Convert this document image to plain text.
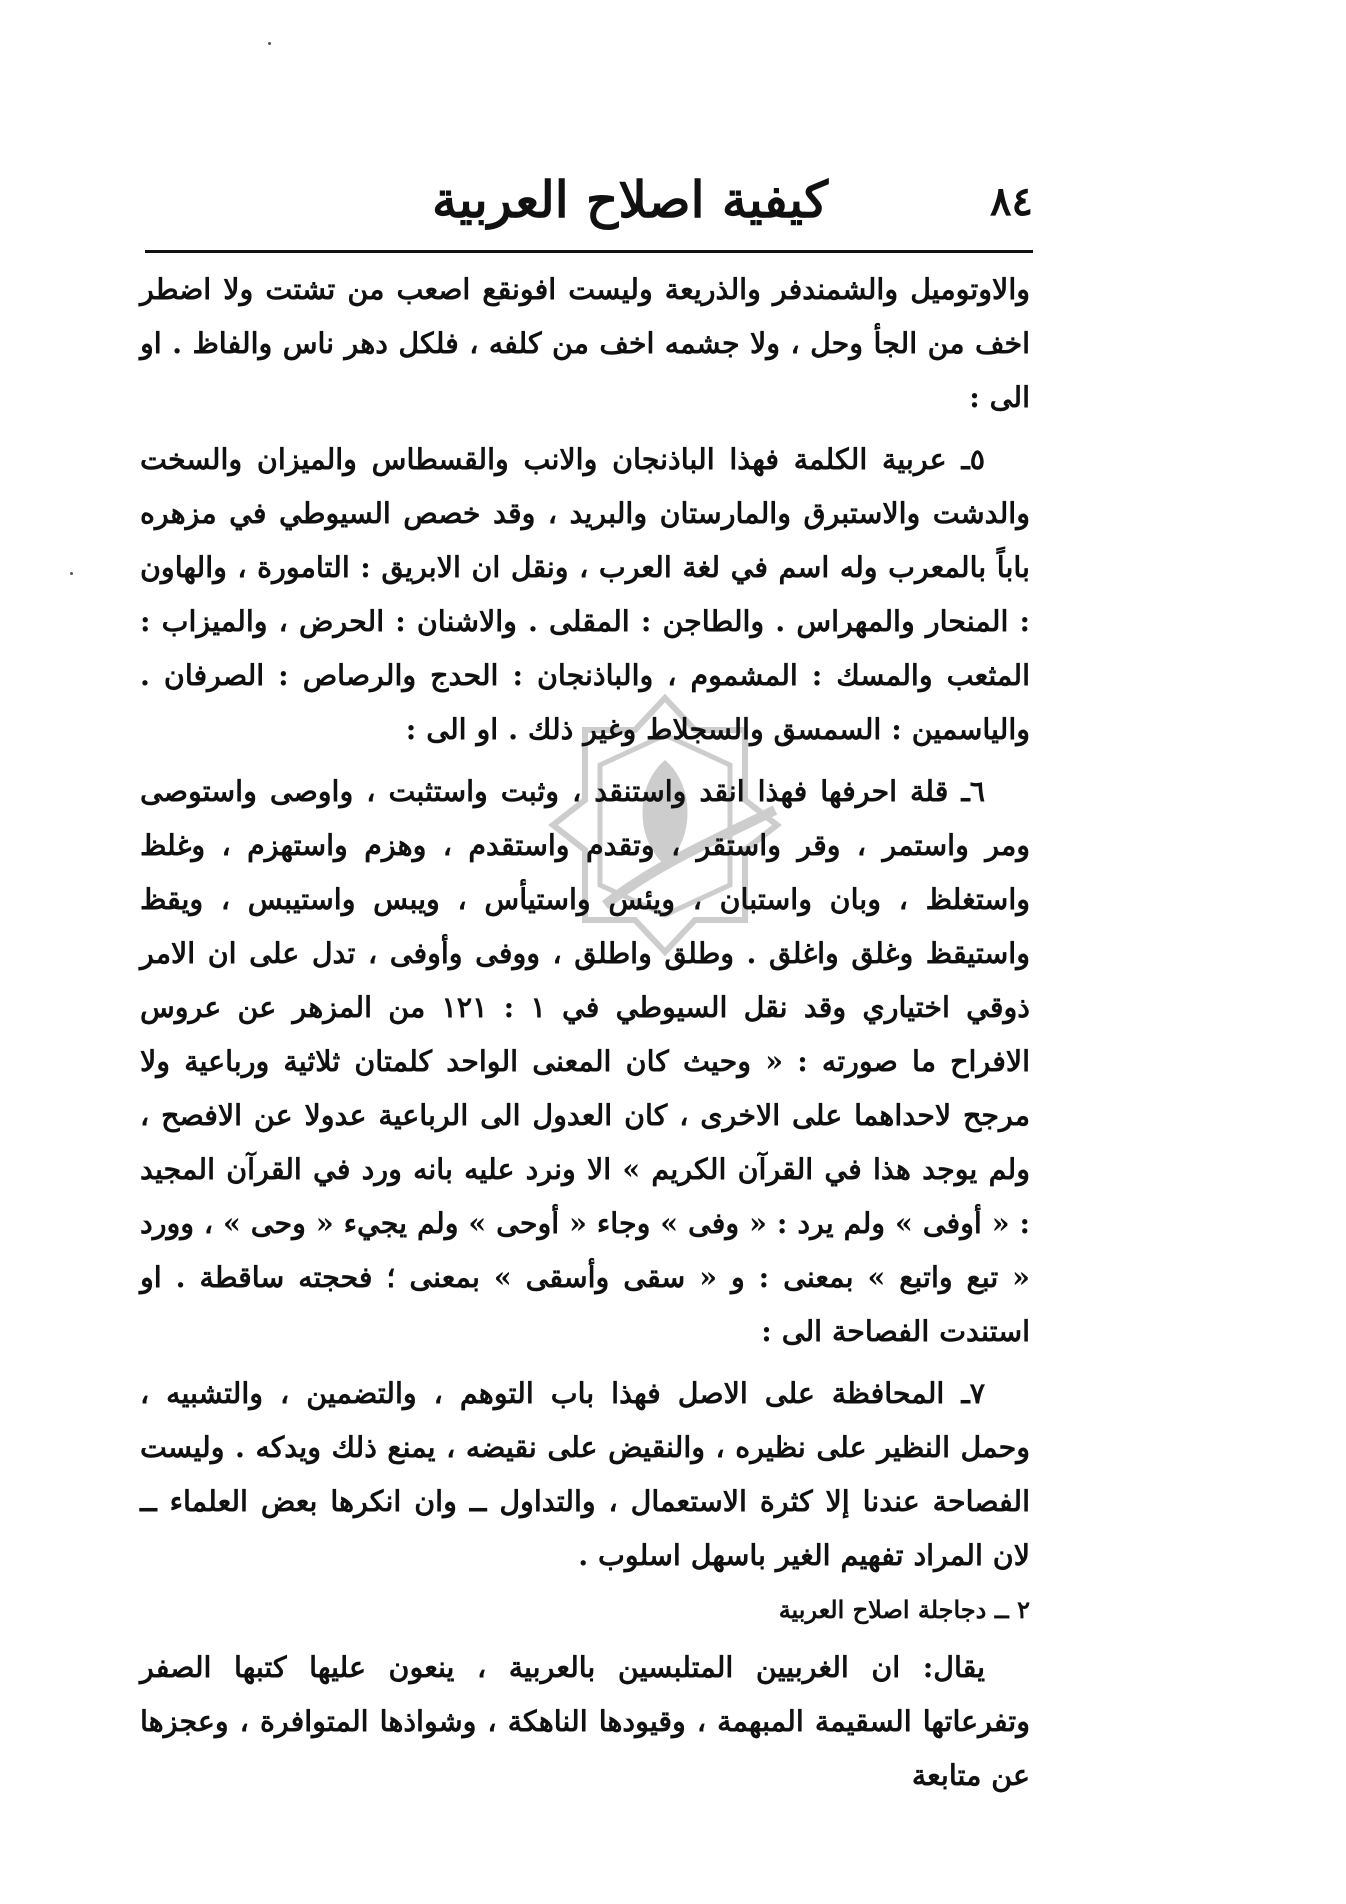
٨٤
كيفية اصلاح العربية

والاوتوميل والشمندفر والذريعة وليست افونقع اصعب من تشتت ولا اضطر اخف من الجأ وحل ، ولا جشمه اخف من كلفه ، فلكل دهر ناس والفاظ . او الى :

٥ـ عربية الكلمة فهذا الباذنجان والانب والقسطاس والميزان والسخت والدشت والاستبرق والمارستان والبريد ، وقد خصص السيوطي في مزهره باباً بالمعرب وله اسم في لغة العرب ، ونقل ان الابريق : التامورة ، والهاون : المنحار والمهراس . والطاجن : المقلى . والاشنان : الحرض ، والميزاب : المثعب والمسك : المشموم ، والباذنجان : الحدج والرصاص : الصرفان . والياسمين : السمسق والسجلاط وغير ذلك . او الى :

٦ـ قلة احرفها فهذا انقد واستنقد ، وثبت واستثبت ، واوصى واستوصى ومر واستمر ، وقر واستقر ، وتقدم واستقدم ، وهزم واستهزم ، وغلظ واستغلظ ، وبان واستبان ، ويئس واستيأس ، ويبس واستيبس ، ويقظ واستيقظ وغلق واغلق . وطلق واطلق ، ووفى وأوفى ، تدل على ان الامر ذوقي اختياري وقد نقل السيوطي في ١ : ١٢١ من المزهر عن عروس الافراح ما صورته : « وحيث كان المعنى الواحد كلمتان ثلاثية ورباعية ولا مرجح لاحداهما على الاخرى ، كان العدول الى الرباعية عدولا عن الافصح ، ولم يوجد هذا في القرآن الكريم » الا ونرد عليه بانه ورد في القرآن المجيد : « أوفى » ولم يرد : « وفى » وجاء « أوحى » ولم يجيء « وحى » ، وورد « تبع واتبع » بمعنى : و « سقى وأسقى » بمعنى ؛ فحجته ساقطة . او استندت الفصاحة الى :

٧ـ المحافظة على الاصل فهذا باب التوهم ، والتضمين ، والتشبيه ، وحمل النظير على نظيره ، والنقيض على نقيضه ، يمنع ذلك ويدكه . وليست الفصاحة عندنا إلا كثرة الاستعمال ، والتداول ــ وان انكرها بعض العلماء ــ لان المراد تفهيم الغير باسهل اسلوب .

٢ ــ دجاجلة اصلاح العربية

يقال: ان الغربيين المتلبسين بالعربية ، ينعون عليها كتبها الصفر وتفرعاتها السقيمة المبهمة ، وقيودها الناهكة ، وشواذها المتوافرة ، وعجزها عن متابعة
